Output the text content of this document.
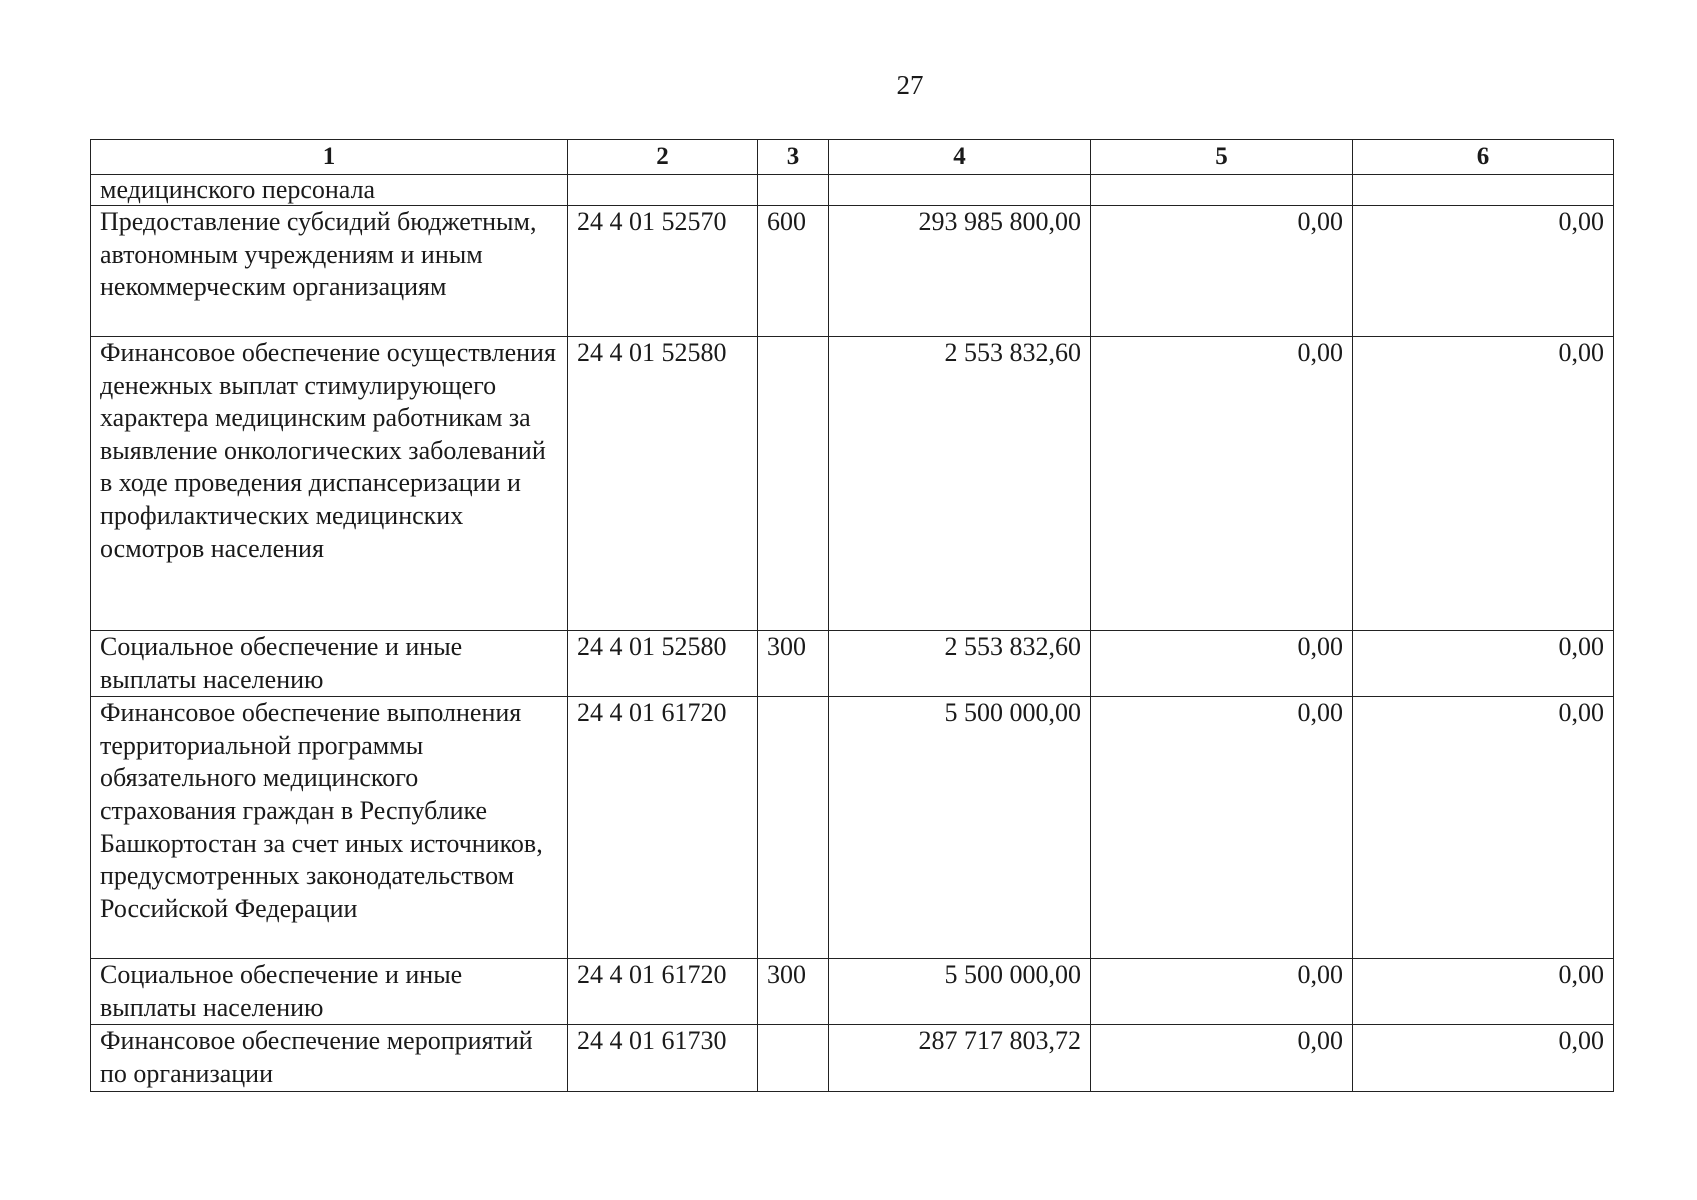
27
1	2	3	4	5	6
медицинского персонала					
Предоставление субсидий бюджетным, автономным учреждениям и иным некоммерческим организациям	24 4 01 52570	600	293 985 800,00	0,00	0,00
Финансовое обеспечение осуществления денежных выплат стимулирующего характера медицинским работникам за выявление онкологических заболеваний в ходе проведения диспансеризации и профилактических медицинских осмотров населения	24 4 01 52580		2 553 832,60	0,00	0,00
Социальное обеспечение и иные выплаты населению	24 4 01 52580	300	2 553 832,60	0,00	0,00
Финансовое обеспечение выполнения территориальной программы обязательного медицинского страхования граждан в Республике Башкортостан за счет иных источников, предусмотренных законодательством Российской Федерации	24 4 01 61720		5 500 000,00	0,00	0,00
Социальное обеспечение и иные выплаты населению	24 4 01 61720	300	5 500 000,00	0,00	0,00
Финансовое обеспечение мероприятий по организации	24 4 01 61730		287 717 803,72	0,00	0,00
